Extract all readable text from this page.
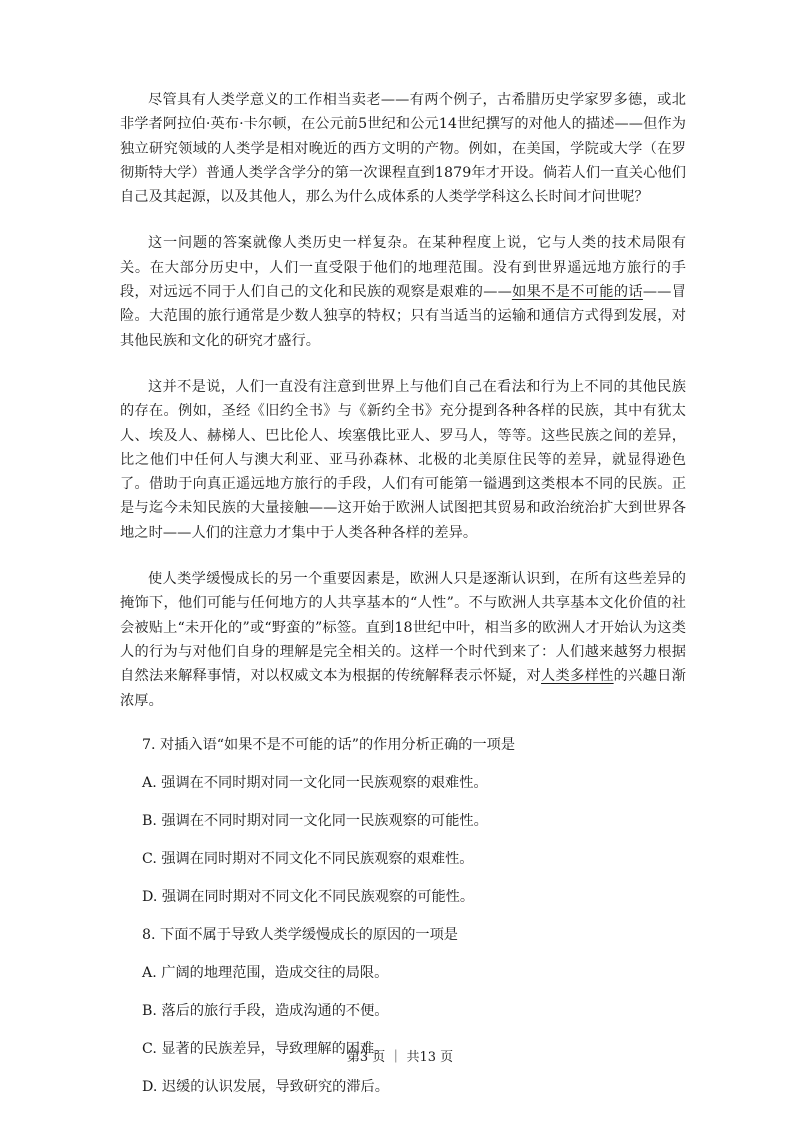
尽管具有人类学意义的工作相当卖老——有两个例子，古希腊历史学家罗多德，或北非学者阿拉伯·英布·卡尔顿，在公元前5世纪和公元14世纪撰写的对他人的描述——但作为独立研究领域的人类学是相对晚近的西方文明的产物。例如，在美国，学院或大学（在罗彻斯特大学）普通人类学含学分的第一次课程直到1879年才开设。倘若人们一直关心他们自己及其起源，以及其他人，那么为什么成体系的人类学学科这么长时间才问世呢？

这一问题的答案就像人类历史一样复杂。在某种程度上说，它与人类的技术局限有关。在大部分历史中，人们一直受限于他们的地理范围。没有到世界遥远地方旅行的手段，对远远不同于人们自己的文化和民族的观察是艰难的——如果不是不可能的话——冒险。大范围的旅行通常是少数人独享的特权；只有当适当的运输和通信方式得到发展，对其他民族和文化的研究才盛行。

这并不是说，人们一直没有注意到世界上与他们自己在看法和行为上不同的其他民族的存在。例如，圣经《旧约全书》与《新约全书》充分提到各种各样的民族，其中有犹太人、埃及人、赫梯人、巴比伦人、埃塞俄比亚人、罗马人，等等。这些民族之间的差异，比之他们中任何人与澳大利亚、亚马孙森林、北极的北美原住民等的差异，就显得逊色了。借助于向真正遥远地方旅行的手段，人们有可能第一镒遇到这类根本不同的民族。正是与迄今未知民族的大量接触——这开始于欧洲人试图把其贸易和政治统治扩大到世界各地之时——人们的注意力才集中于人类各种各样的差异。

使人类学缓慢成长的另一个重要因素是，欧洲人只是逐渐认识到，在所有这些差异的掩饰下，他们可能与任何地方的人共享基本的“人性”。不与欧洲人共享基本文化价值的社会被贴上“未开化的”或“野蛮的”标签。直到18世纪中叶，相当多的欧洲人才开始认为这类人的行为与对他们自身的理解是完全相关的。这样一个时代到来了：人们越来越努力根据自然法来解释事情，对以权威文本为根据的传统解释表示怀疑，对人类多样性的兴趣日渐浓厚。

7. 对插入语“如果不是不可能的话”的作用分析正确的一项是

A. 强调在不同时期对同一文化同一民族观察的艰难性。

B. 强调在不同时期对同一文化同一民族观察的可能性。

C. 强调在同时期对不同文化不同民族观察的艰难性。

D. 强调在同时期对不同文化不同民族观察的可能性。

8. 下面不属于导致人类学缓慢成长的原因的一项是

A. 广阔的地理范围，造成交往的局限。

B. 落后的旅行手段，造成沟通的不便。

C. 显著的民族差异，导致理解的困难。

D. 迟缓的认识发展，导致研究的滞后。

第3 页 ｜ 共13 页
